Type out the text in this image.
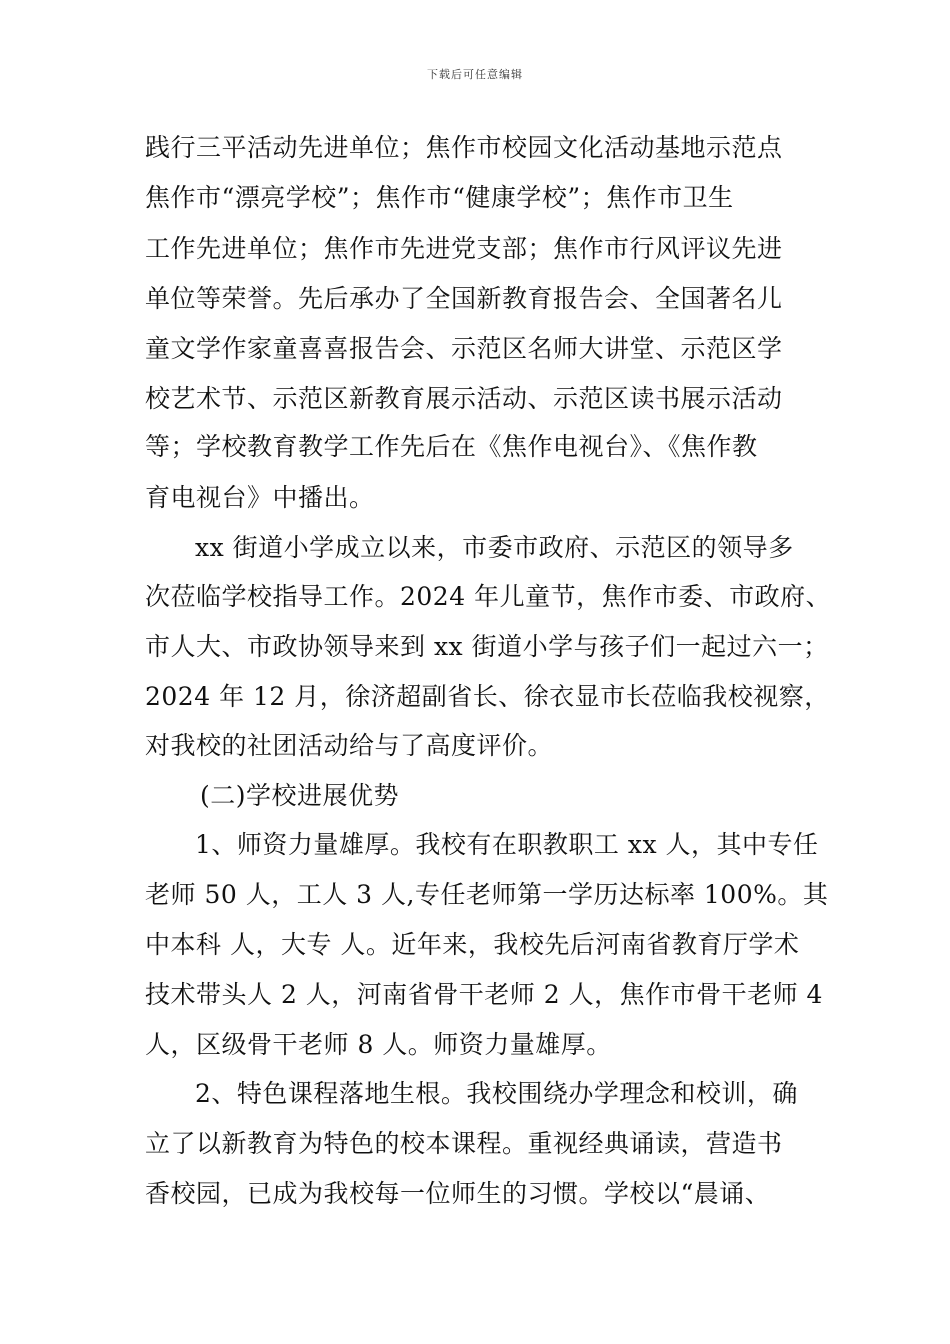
下载后可任意编辑
践行三平活动先进单位；焦作市校园文化活动基地示范点
焦作市“漂亮学校”；焦作市“健康学校”；焦作市卫生
工作先进单位；焦作市先进党支部；焦作市行风评议先进
单位等荣誉。先后承办了全国新教育报告会、全国著名儿
童文学作家童喜喜报告会、示范区名师大讲堂、示范区学
校艺术节、示范区新教育展示活动、示范区读书展示活动
等；学校教育教学工作先后在《焦作电视台》、《焦作教
育电视台》中播出。
xx 街道小学成立以来，市委市政府、示范区的领导多
次莅临学校指导工作。2024 年儿童节，焦作市委、市政府、
市人大、市政协领导来到 xx 街道小学与孩子们一起过六一；
2024 年 12 月，徐济超副省长、徐衣显市长莅临我校视察，
对我校的社团活动给与了高度评价。
(二)学校进展优势
1、师资力量雄厚。我校有在职教职工 xx 人，其中专任
老师 50 人，工人 3 人,专任老师第一学历达标率 100%。其
中本科 人，大专 人。近年来，我校先后河南省教育厅学术
技术带头人 2 人，河南省骨干老师 2 人，焦作市骨干老师 4
人，区级骨干老师 8 人。师资力量雄厚。
2、特色课程落地生根。我校围绕办学理念和校训，确
立了以新教育为特色的校本课程。重视经典诵读，营造书
香校园，已成为我校每一位师生的习惯。学校以“晨诵、
